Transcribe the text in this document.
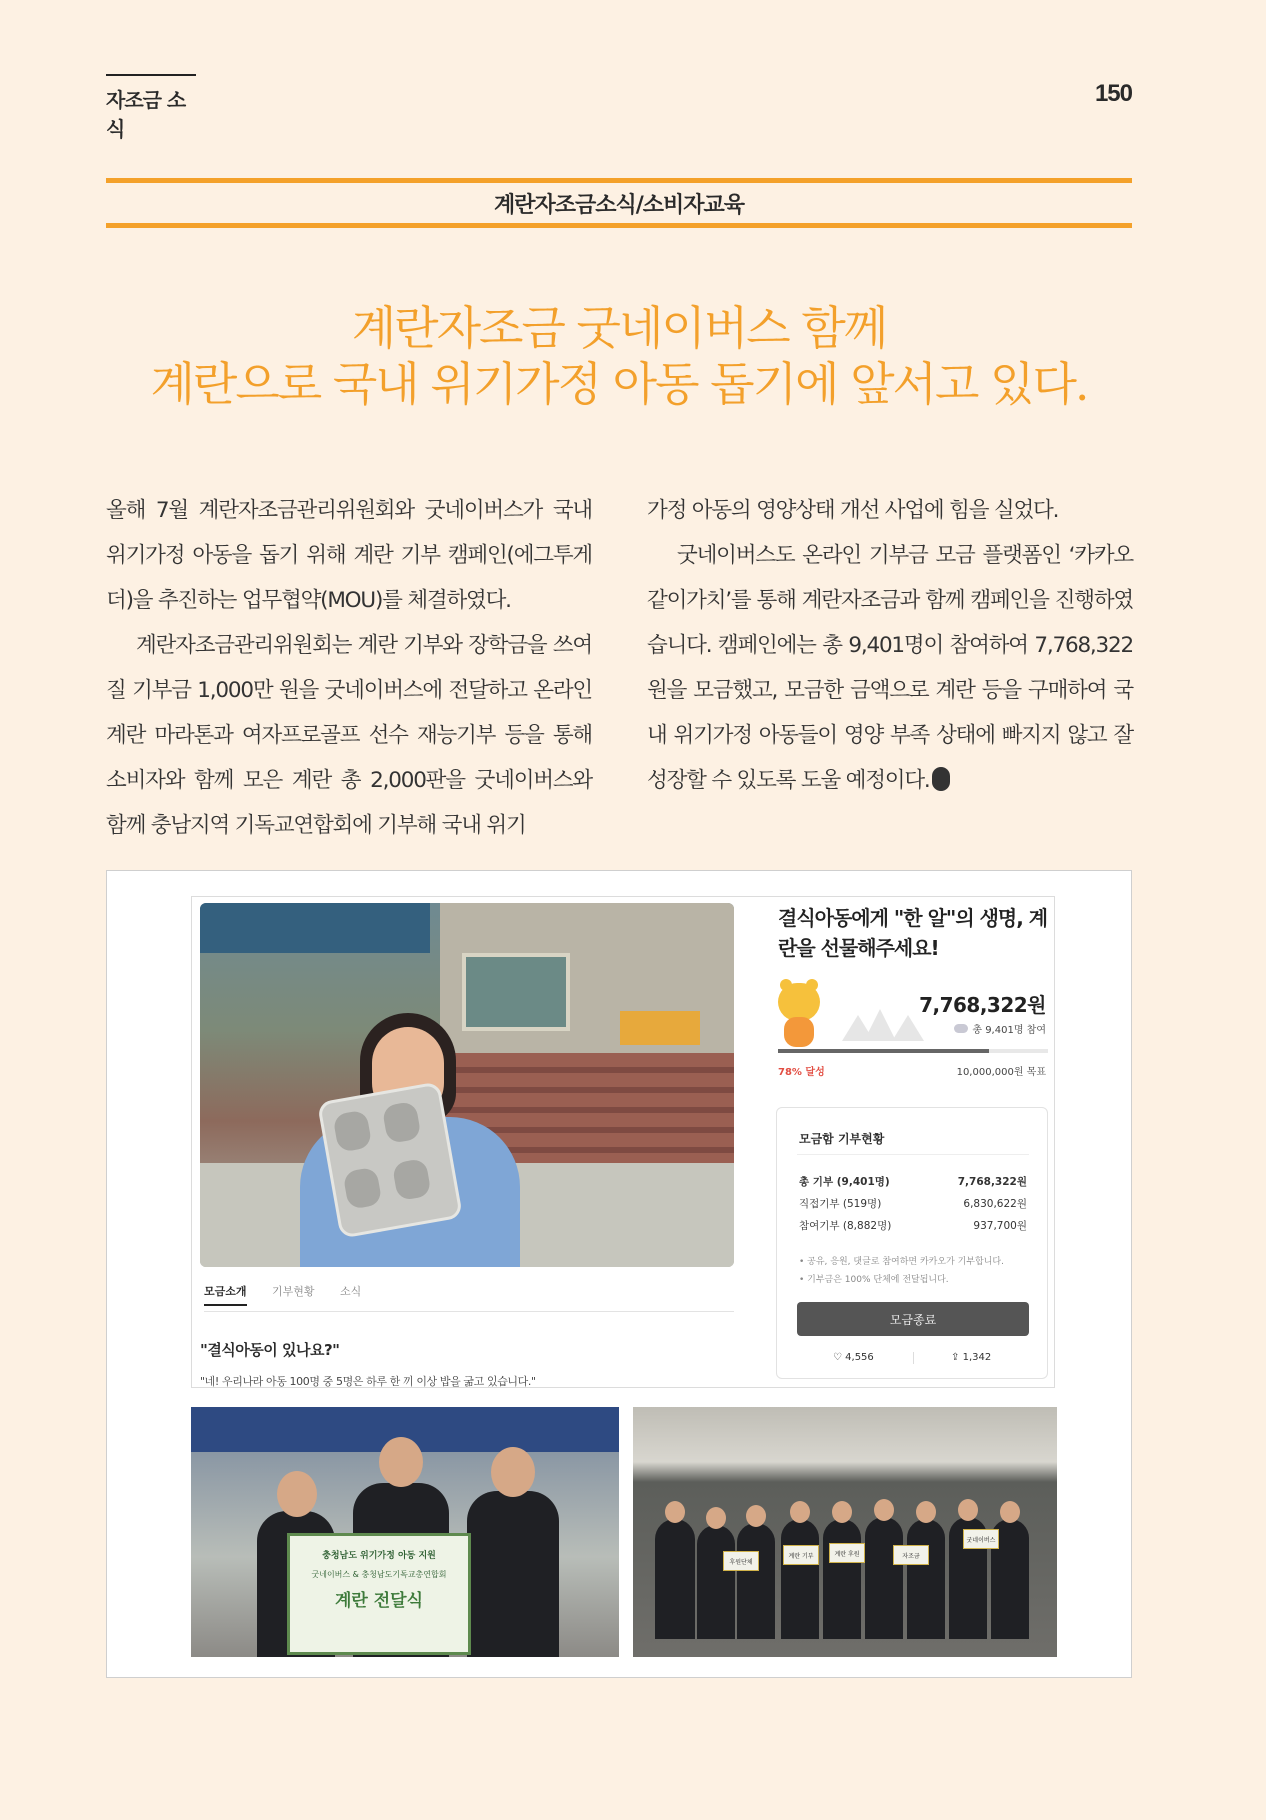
자조금 소식
150
계란자조금소식/소비자교육
계란자조금 굿네이버스 함께
계란으로 국내 위기가정 아동 돕기에 앞서고 있다.

올해 7월 계란자조금관리위원회와 굿네이버스가 국내 위기가정 아동을 돕기 위해 계란 기부 캠페인(에그투게더)을 추진하는 업무협약(MOU)를 체결하였다.

계란자조금관리위원회는 계란 기부와 장학금을 쓰여질 기부금 1,000만 원을 굿네이버스에 전달하고 온라인 계란 마라톤과 여자프로골프 선수 재능기부 등을 통해 소비자와 함께 모은 계란 총 2,000판을 굿네이버스와 함께 충남지역 기독교연합회에 기부해 국내 위기

가정 아동의 영양상태 개선 사업에 힘을 실었다.

굿네이버스도 온라인 기부금 모금 플랫폼인 ‘카카오 같이가치’를 통해 계란자조금과 함께 캠페인을 진행하였습니다. 캠페인에는 총 9,401명이 참여하여 7,768,322원을 모금했고, 모금한 금액으로 계란 등을 구매하여 국내 위기가정 아동들이 영양 부족 상태에 빠지지 않고 잘 성장할 수 있도록 도울 예정이다.

모금소개 기부현황 소식
"결식아동이 있나요?"
"네! 우리나라 아동 100명 중 5명은 하루 한 끼 이상 밥을 굶고 있습니다."
결식아동에게 "한 알"의 생명, 계란을 선물해주세요!
7,768,322원
총 9,401명 참여
78% 달성	10,000,000원 목표
모금함 기부현황
총 기부 (9,401명)	7,768,322원
직접기부 (519명)	6,830,622원
참여기부 (8,882명)	937,700원
• 공유, 응원, 댓글로 참여하면 카카오가 기부합니다.
• 기부금은 100% 단체에 전달됩니다.
모금종료
♡ 4,556	⇪ 1,342
충청남도 위기가정 아동 지원
굿네이버스 & 충청남도기독교총연합회
계란 전달식
후원단체
계란 기부	계란 후원	자조금
굿네이버스
